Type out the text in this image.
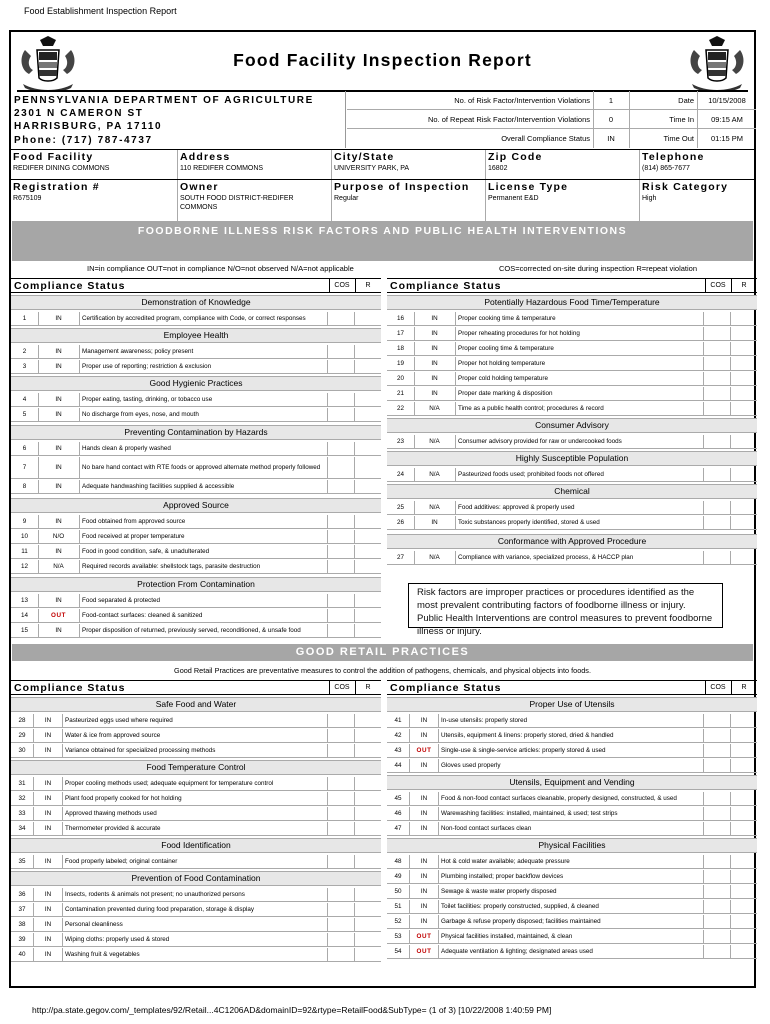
Food Establishment Inspection Report
Food Facility Inspection Report
PENNSYLVANIA DEPARTMENT OF AGRICULTURE
2301 N CAMERON ST
HARRISBURG, PA 17110
Phone: (717) 787-4737
No. of Risk Factor/Intervention Violations	1	Date	10/15/2008
No. of Repeat Risk Factor/Intervention Violations	0	Time In	09:15 AM
Overall Compliance Status	IN	Time Out	01:15 PM
Food Facility
REDIFER DINING COMMONS
Address
110 REDIFER COMMONS
City/State
UNIVERSITY PARK, PA
Zip Code
16802
Telephone
(814) 865-7677
Registration #
R675109
Owner
SOUTH FOOD DISTRICT-REDIFER COMMONS
Purpose of Inspection
Regular
License Type
Permanent E&D
Risk Category
High
FOODBORNE ILLNESS RISK FACTORS AND PUBLIC HEALTH INTERVENTIONS
IN=in compliance OUT=not in compliance N/O=not observed N/A=not applicable	COS=corrected on-site during inspection R=repeat violation
Compliance Status	COS	R
Demonstration of Knowledge
1	IN	Certification by accredited program, compliance with Code, or correct responses
Employee Health
2	IN	Management awareness; policy present
3	IN	Proper use of reporting; restriction & exclusion
Good Hygienic Practices
4	IN	Proper eating, tasting, drinking, or tobacco use
5	IN	No discharge from eyes, nose, and mouth
Preventing Contamination by Hazards
6	IN	Hands clean & properly washed
7	IN	No bare hand contact with RTE foods or approved alternate method properly followed
8	IN	Adequate handwashing facilities supplied & accessible
Approved Source
9	IN	Food obtained from approved source
10	N/O	Food received at proper temperature
11	IN	Food in good condition, safe, & unadulterated
12	N/A	Required records available: shellstock tags, parasite destruction
Protection From Contamination
13	IN	Food separated & protected
14	OUT	Food-contact surfaces: cleaned & sanitized
15	IN	Proper disposition of returned, previously served, reconditioned, & unsafe food
Compliance Status	COS	R
Potentially Hazardous Food Time/Temperature
16	IN	Proper cooking time & temperature
17	IN	Proper reheating procedures for hot holding
18	IN	Proper cooling time & temperature
19	IN	Proper hot holding temperature
20	IN	Proper cold holding temperature
21	IN	Proper date marking & disposition
22	N/A	Time as a public health control; procedures & record
Consumer Advisory
23	N/A	Consumer advisory provided for raw or undercooked foods
Highly Susceptible Population
24	N/A	Pasteurized foods used; prohibited foods not offered
Chemical
25	N/A	Food additives: approved & properly used
26	IN	Toxic substances properly identified, stored & used
Conformance with Approved Procedure
27	N/A	Compliance with variance, specialized process, & HACCP plan
Risk factors are improper practices or procedures identified as the most prevalent contributing factors of foodborne illness or injury. Public Health Interventions are control measures to prevent foodborne illness or injury.
GOOD RETAIL PRACTICES
Good Retail Practices are preventative measures to control the addition of pathogens, chemicals, and physical objects into foods.
Compliance Status	COS	R
Safe Food and Water
28	IN	Pasteurized eggs used where required
29	IN	Water & ice from approved source
30	IN	Variance obtained for specialized processing methods
Food Temperature Control
31	IN	Proper cooling methods used; adequate equipment for temperature control
32	IN	Plant food properly cooked for hot holding
33	IN	Approved thawing methods used
34	IN	Thermometer provided & accurate
Food Identification
35	IN	Food properly labeled; original container
Prevention of Food Contamination
36	IN	Insects, rodents & animals not present; no unauthorized persons
37	IN	Contamination prevented during food preparation, storage & display
38	IN	Personal cleanliness
39	IN	Wiping cloths: properly used & stored
40	IN	Washing fruit & vegetables
Compliance Status	COS	R
Proper Use of Utensils
41	IN	In-use utensils: properly stored
42	IN	Utensils, equipment & linens: properly stored, dried & handled
43	OUT	Single-use & single-service articles: properly stored & used
44	IN	Gloves used properly
Utensils, Equipment and Vending
45	IN	Food & non-food contact surfaces cleanable, properly designed, constructed, & used
46	IN	Warewashing facilities: installed, maintained, & used; test strips
47	IN	Non-food contact surfaces clean
Physical Facilities
48	IN	Hot & cold water available; adequate pressure
49	IN	Plumbing installed; proper backflow devices
50	IN	Sewage & waste water properly disposed
51	IN	Toilet facilities: properly constructed, supplied, & cleaned
52	IN	Garbage & refuse properly disposed; facilities maintained
53	OUT	Physical facilities installed, maintained, & clean
54	OUT	Adequate ventilation & lighting; designated areas used
http://pa.state.gegov.com/_templates/92/Retail...4C1206AD&domainID=92&rtype=RetailFood&SubType= (1 of 3) [10/22/2008 1:40:59 PM]
